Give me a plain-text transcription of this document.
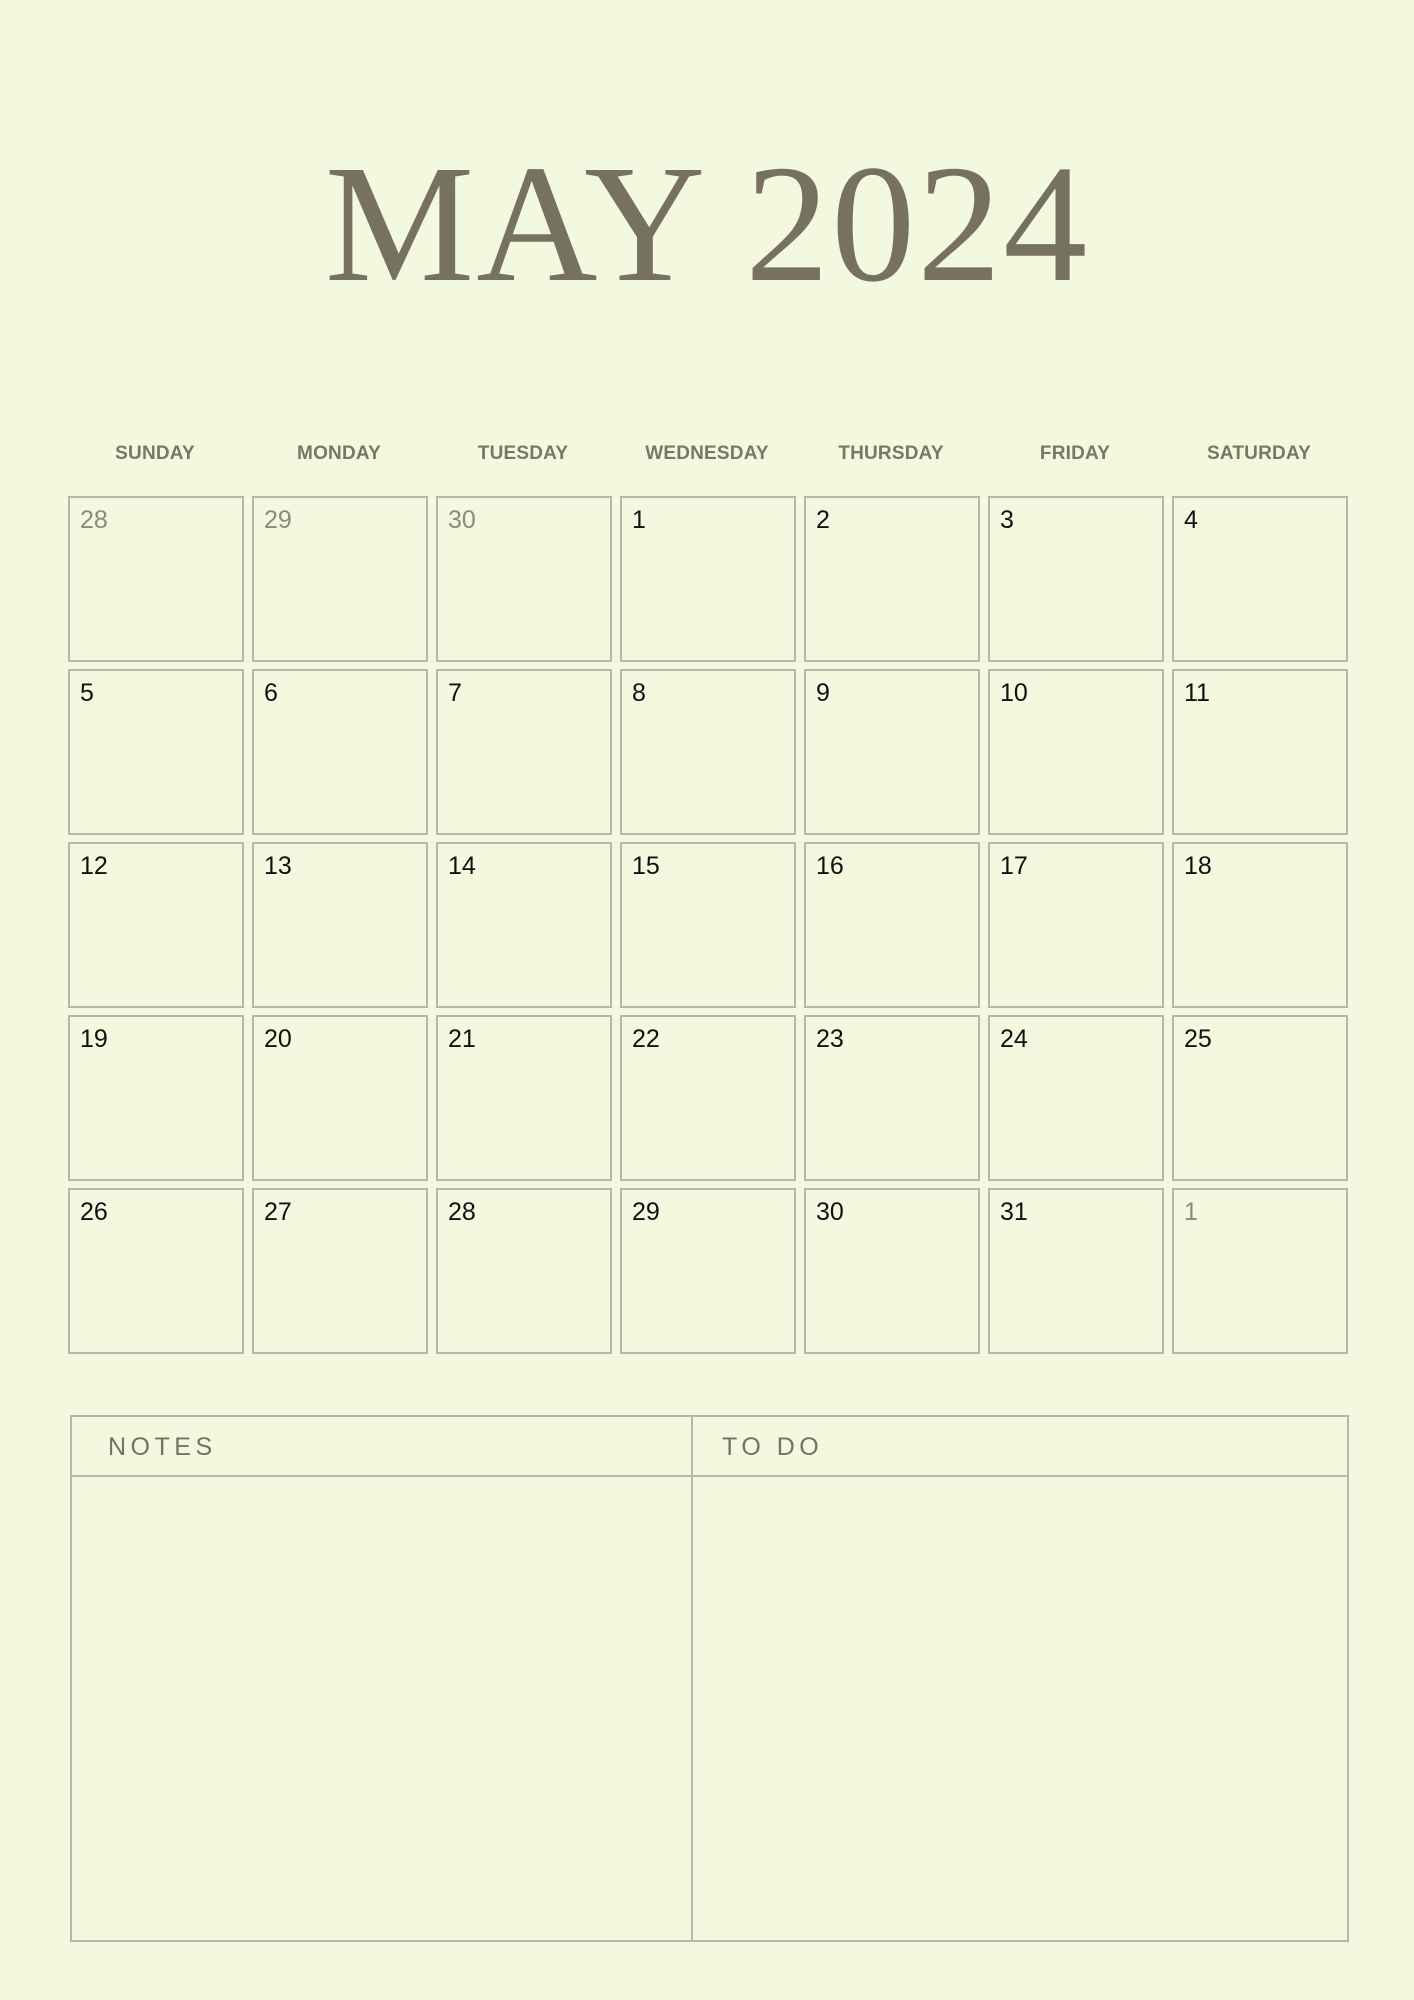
MAY 2024
SUNDAY	MONDAY	TUESDAY	WEDNESDAY	THURSDAY	FRIDAY	SATURDAY
28	29	30	1	2	3	4
5	6	7	8	9	10	11
12	13	14	15	16	17	18
19	20	21	22	23	24	25
26	27	28	29	30	31	1
NOTES	TO DO
